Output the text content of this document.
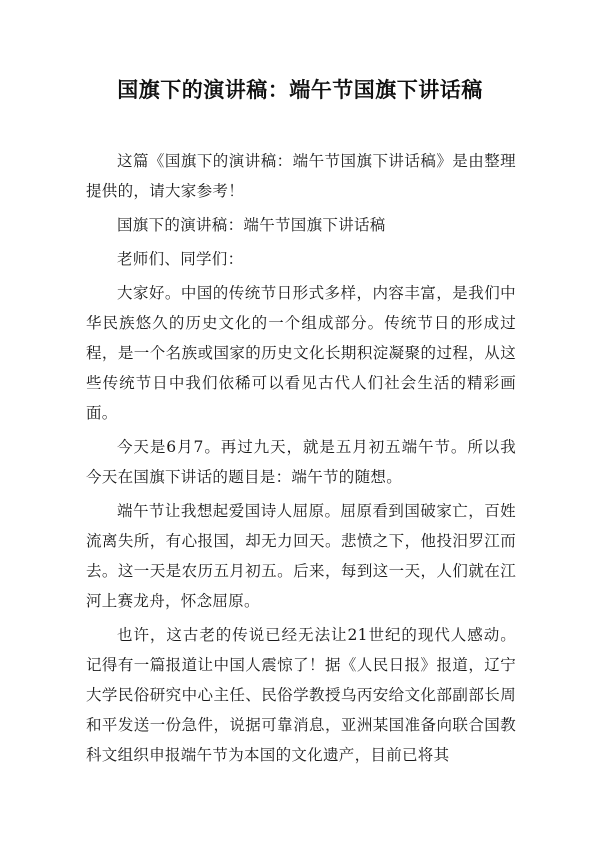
国旗下的演讲稿：端午节国旗下讲话稿

这篇《国旗下的演讲稿：端午节国旗下讲话稿》是由整理提供的，请大家参考！

国旗下的演讲稿：端午节国旗下讲话稿

老师们、同学们：

大家好。中国的传统节日形式多样，内容丰富，是我们中华民族悠久的历史文化的一个组成部分。传统节日的形成过程，是一个名族或国家的历史文化长期积淀凝聚的过程，从这些传统节日中我们依稀可以看见古代人们社会生活的精彩画面。

今天是6月7。再过九天，就是五月初五端午节。所以我今天在国旗下讲话的题目是：端午节的随想。

端午节让我想起爱国诗人屈原。屈原看到国破家亡，百姓流离失所，有心报国，却无力回天。悲愤之下，他投汨罗江而去。这一天是农历五月初五。后来，每到这一天，人们就在江河上赛龙舟，怀念屈原。

也许，这古老的传说已经无法让21世纪的现代人感动。记得有一篇报道让中国人震惊了！据《人民日报》报道，辽宁大学民俗研究中心主任、民俗学教授乌丙安给文化部副部长周和平发送一份急件，说据可靠消息，亚洲某国准备向联合国教科文组织申报端午节为本国的文化遗产，目前已将其
